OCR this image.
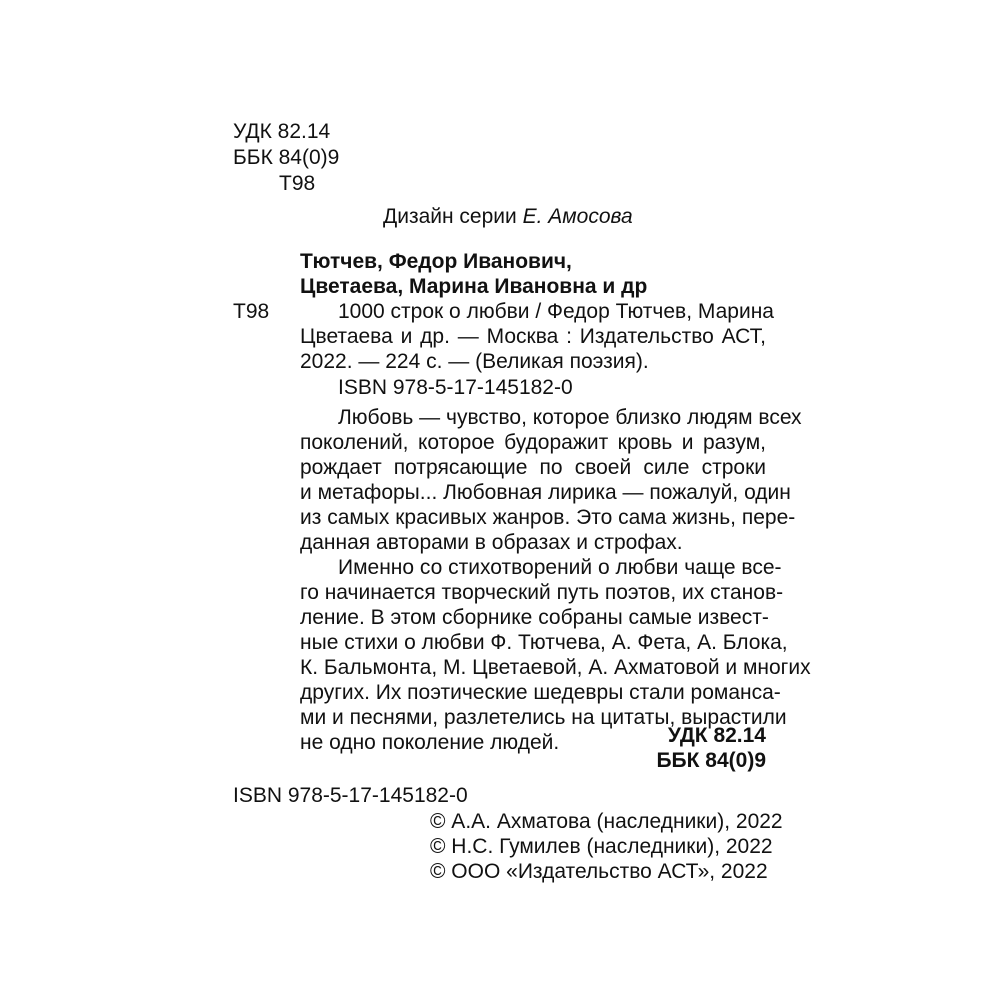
УДК 82.14
ББК 84(0)9
Т98
Дизайн серии Е. Амосова
Тютчев, Федор Иванович,
Цветаева, Марина Ивановна и др
Т98	1000 строк о любви / Федор Тютчев, Марина
Цветаева и др. — Москва : Издательство АСТ,
2022. — 224 с. — (Великая поэзия).
ISBN 978-5-17-145182-0
Любовь — чувство, которое близко людям всех
поколений, которое будоражит кровь и разум,
рождает потрясающие по своей силе строки
и метафоры... Любовная лирика — пожалуй, один
из самых красивых жанров. Это сама жизнь, пере-
данная авторами в образах и строфах.
Именно со стихотворений о любви чаще все-
го начинается творческий путь поэтов, их станов-
ление. В этом сборнике собраны самые извест-
ные стихи о любви Ф. Тютчева, А. Фета, А. Блока,
К. Бальмонта, М. Цветаевой, А. Ахматовой и многих
других. Их поэтические шедевры стали романса-
ми и песнями, разлетелись на цитаты, вырастили
не одно поколение людей.	УДК 82.14
ББК 84(0)9
ISBN 978-5-17-145182-0
© А.А. Ахматова (наследники), 2022
© Н.С. Гумилев (наследники), 2022
© ООО «Издательство АСТ», 2022
